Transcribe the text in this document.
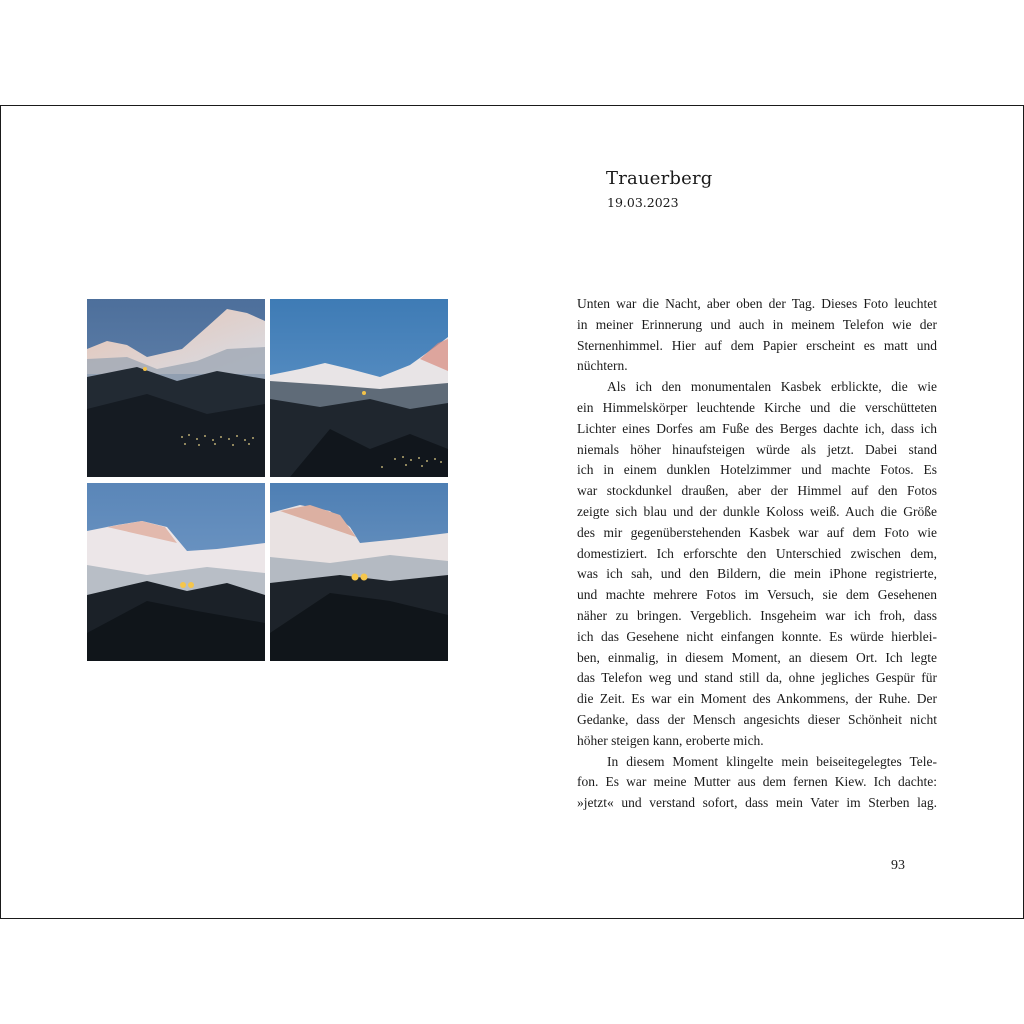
Trauerberg
19.03.2023
Unten war die Nacht, aber oben der Tag. Dieses Foto leuchtet
in meiner Erinnerung und auch in meinem Telefon wie der
Sternenhimmel. Hier auf dem Papier erscheint es matt und
nüchtern.
Als ich den monumentalen Kasbek erblickte, die wie
ein Himmelskörper leuchtende Kirche und die verschütteten
Lichter eines Dorfes am Fuße des Berges dachte ich, dass ich
niemals höher hinaufsteigen würde als jetzt. Dabei stand
ich in einem dunklen Hotelzimmer und machte Fotos. Es
war stockdunkel draußen, aber der Himmel auf den Fotos
zeigte sich blau und der dunkle Koloss weiß. Auch die Größe
des mir gegenüberstehenden Kasbek war auf dem Foto wie
domestiziert. Ich erforschte den Unterschied zwischen dem,
was ich sah, und den Bildern, die mein iPhone registrierte,
und machte mehrere Fotos im Versuch, sie dem Gesehenen
näher zu bringen. Vergeblich. Insgeheim war ich froh, dass
ich das Gesehene nicht einfangen konnte. Es würde hierblei-
ben, einmalig, in diesem Moment, an diesem Ort. Ich legte
das Telefon weg und stand still da, ohne jegliches Gespür für
die Zeit. Es war ein Moment des Ankommens, der Ruhe. Der
Gedanke, dass der Mensch angesichts dieser Schönheit nicht
höher steigen kann, eroberte mich.
In diesem Moment klingelte mein beiseitegelegtes Tele-
fon. Es war meine Mutter aus dem fernen Kiew. Ich dachte:
»jetzt« und verstand sofort, dass mein Vater im Sterben lag.
93
